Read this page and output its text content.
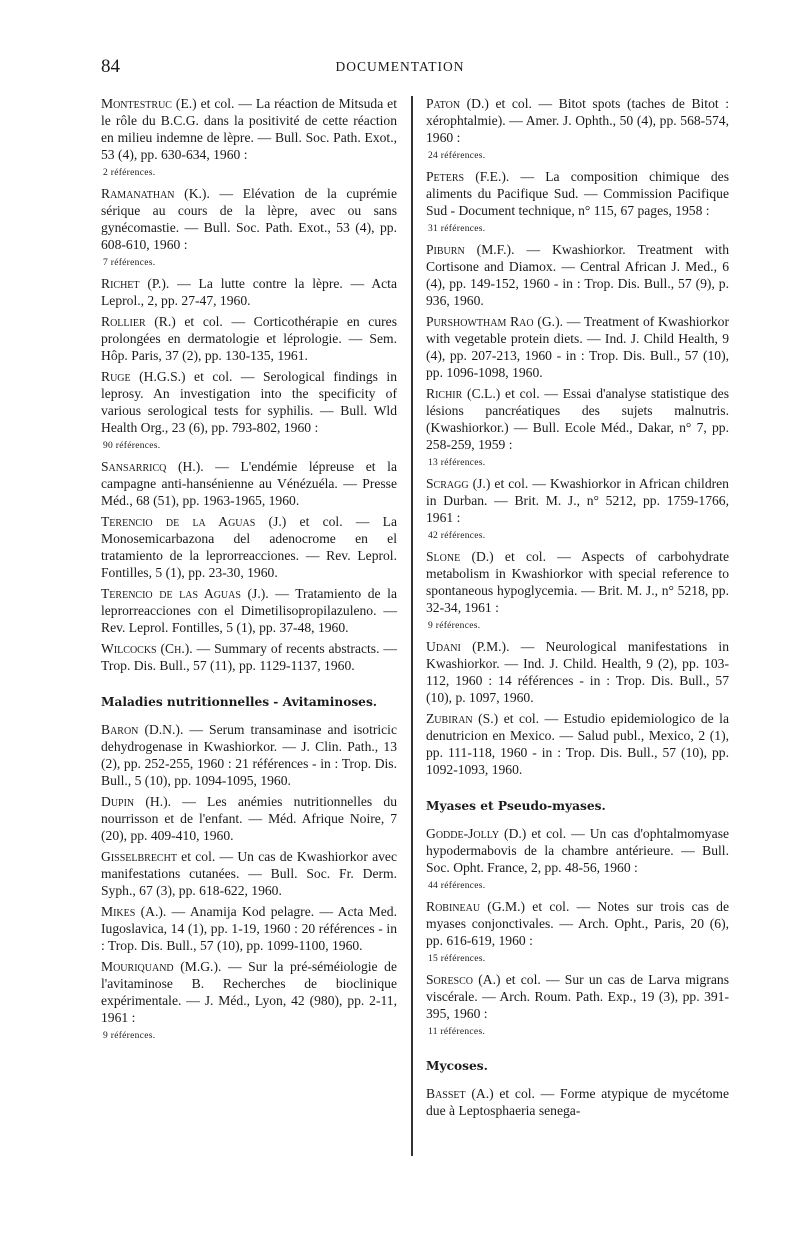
84	DOCUMENTATION
Montestruc (E.) et col. — La réaction de Mitsuda et le rôle du B.C.G. dans la positivité de cette réaction en milieu indemne de lèpre. — Bull. Soc. Path. Exot., 53 (4), pp. 630-634, 1960 :
2 références.
Ramanathan (K.). — Elévation de la cuprémie sérique au cours de la lèpre, avec ou sans gynécomastie. — Bull. Soc. Path. Exot., 53 (4), pp. 608-610, 1960 :
7 références.
Richet (P.). — La lutte contre la lèpre. — Acta Leprol., 2, pp. 27-47, 1960.
Rollier (R.) et col. — Corticothérapie en cures prolongées en dermatologie et léprologie. — Sem. Hôp. Paris, 37 (2), pp. 130-135, 1961.
Ruge (H.G.S.) et col. — Serological findings in leprosy. An investigation into the specificity of various serological tests for syphilis. — Bull. Wld Health Org., 23 (6), pp. 793-802, 1960 :
90 références.
Sansarricq (H.). — L'endémie lépreuse et la campagne anti-hansénienne au Vénézuéla. — Presse Méd., 68 (51), pp. 1963-1965, 1960.
Terencio de la Aguas (J.) et col. — La Monosemicarbazona del adenocrome en el tratamiento de la leprorreacciones. — Rev. Leprol. Fontilles, 5 (1), pp. 23-30, 1960.
Terencio de las Aguas (J.). — Tratamiento de la leprorreacciones con el Dimetilisopropilazuleno. — Rev. Leprol. Fontilles, 5 (1), pp. 37-48, 1960.
Wilcocks (Ch.). — Summary of recents abstracts. — Trop. Dis. Bull., 57 (11), pp. 1129-1137, 1960.
Maladies nutritionnelles - Avitaminoses.
Baron (D.N.). — Serum transaminase and isotricic dehydrogenase in Kwashiorkor. — J. Clin. Path., 13 (2), pp. 252-255, 1960 : 21 références - in : Trop. Dis. Bull., 5 (10), pp. 1094-1095, 1960.
Dupin (H.). — Les anémies nutritionnelles du nourrisson et de l'enfant. — Méd. Afrique Noire, 7 (20), pp. 409-410, 1960.
Gisselbrecht et col. — Un cas de Kwashiorkor avec manifestations cutanées. — Bull. Soc. Fr. Derm. Syph., 67 (3), pp. 618-622, 1960.
Mikes (A.). — Anamija Kod pelagre. — Acta Med. Iugoslavica, 14 (1), pp. 1-19, 1960 : 20 références - in : Trop. Dis. Bull., 57 (10), pp. 1099-1100, 1960.
Mouriquand (M.G.). — Sur la pré-séméiologie de l'avitaminose B. Recherches de bioclinique expérimentale. — J. Méd., Lyon, 42 (980), pp. 2-11, 1961 :
9 références.
Paton (D.) et col. — Bitot spots (taches de Bitot : xérophtalmie). — Amer. J. Ophth., 50 (4), pp. 568-574, 1960 :
24 références.
Peters (F.E.). — La composition chimique des aliments du Pacifique Sud. — Commission Pacifique Sud - Document technique, n° 115, 67 pages, 1958 :
31 références.
Piburn (M.F.). — Kwashiorkor. Treatment with Cortisone and Diamox. — Central African J. Med., 6 (4), pp. 149-152, 1960 - in : Trop. Dis. Bull., 57 (9), p. 936, 1960.
Purshowtham Rao (G.). — Treatment of Kwashiorkor with vegetable protein diets. — Ind. J. Child Health, 9 (4), pp. 207-213, 1960 - in : Trop. Dis. Bull., 57 (10), pp. 1096-1098, 1960.
Richir (C.L.) et col. — Essai d'analyse statistique des lésions pancréatiques des sujets malnutris. (Kwashiorkor.) — Bull. Ecole Méd., Dakar, n° 7, pp. 258-259, 1959 :
13 références.
Scragg (J.) et col. — Kwashiorkor in African children in Durban. — Brit. M. J., n° 5212, pp. 1759-1766, 1961 :
42 références.
Slone (D.) et col. — Aspects of carbohydrate metabolism in Kwashiorkor with special reference to spontaneous hypoglycemia. — Brit. M. J., n° 5218, pp. 32-34, 1961 :
9 références.
Udani (P.M.). — Neurological manifestations in Kwashiorkor. — Ind. J. Child. Health, 9 (2), pp. 103-112, 1960 : 14 références - in : Trop. Dis. Bull., 57 (10), p. 1097, 1960.
Zubiran (S.) et col. — Estudio epidemiologico de la denutricion en Mexico. — Salud publ., Mexico, 2 (1), pp. 111-118, 1960 - in : Trop. Dis. Bull., 57 (10), pp. 1092-1093, 1960.
Myases et Pseudo-myases.
Godde-Jolly (D.) et col. — Un cas d'ophtalmomyase hypodermabovis de la chambre antérieure. — Bull. Soc. Opht. France, 2, pp. 48-56, 1960 :
44 références.
Robineau (G.M.) et col. — Notes sur trois cas de myases conjonctivales. — Arch. Opht., Paris, 20 (6), pp. 616-619, 1960 :
15 références.
Soresco (A.) et col. — Sur un cas de Larva migrans viscérale. — Arch. Roum. Path. Exp., 19 (3), pp. 391-395, 1960 :
11 références.
Mycoses.
Basset (A.) et col. — Forme atypique de mycétome due à Leptosphaeria senega-
